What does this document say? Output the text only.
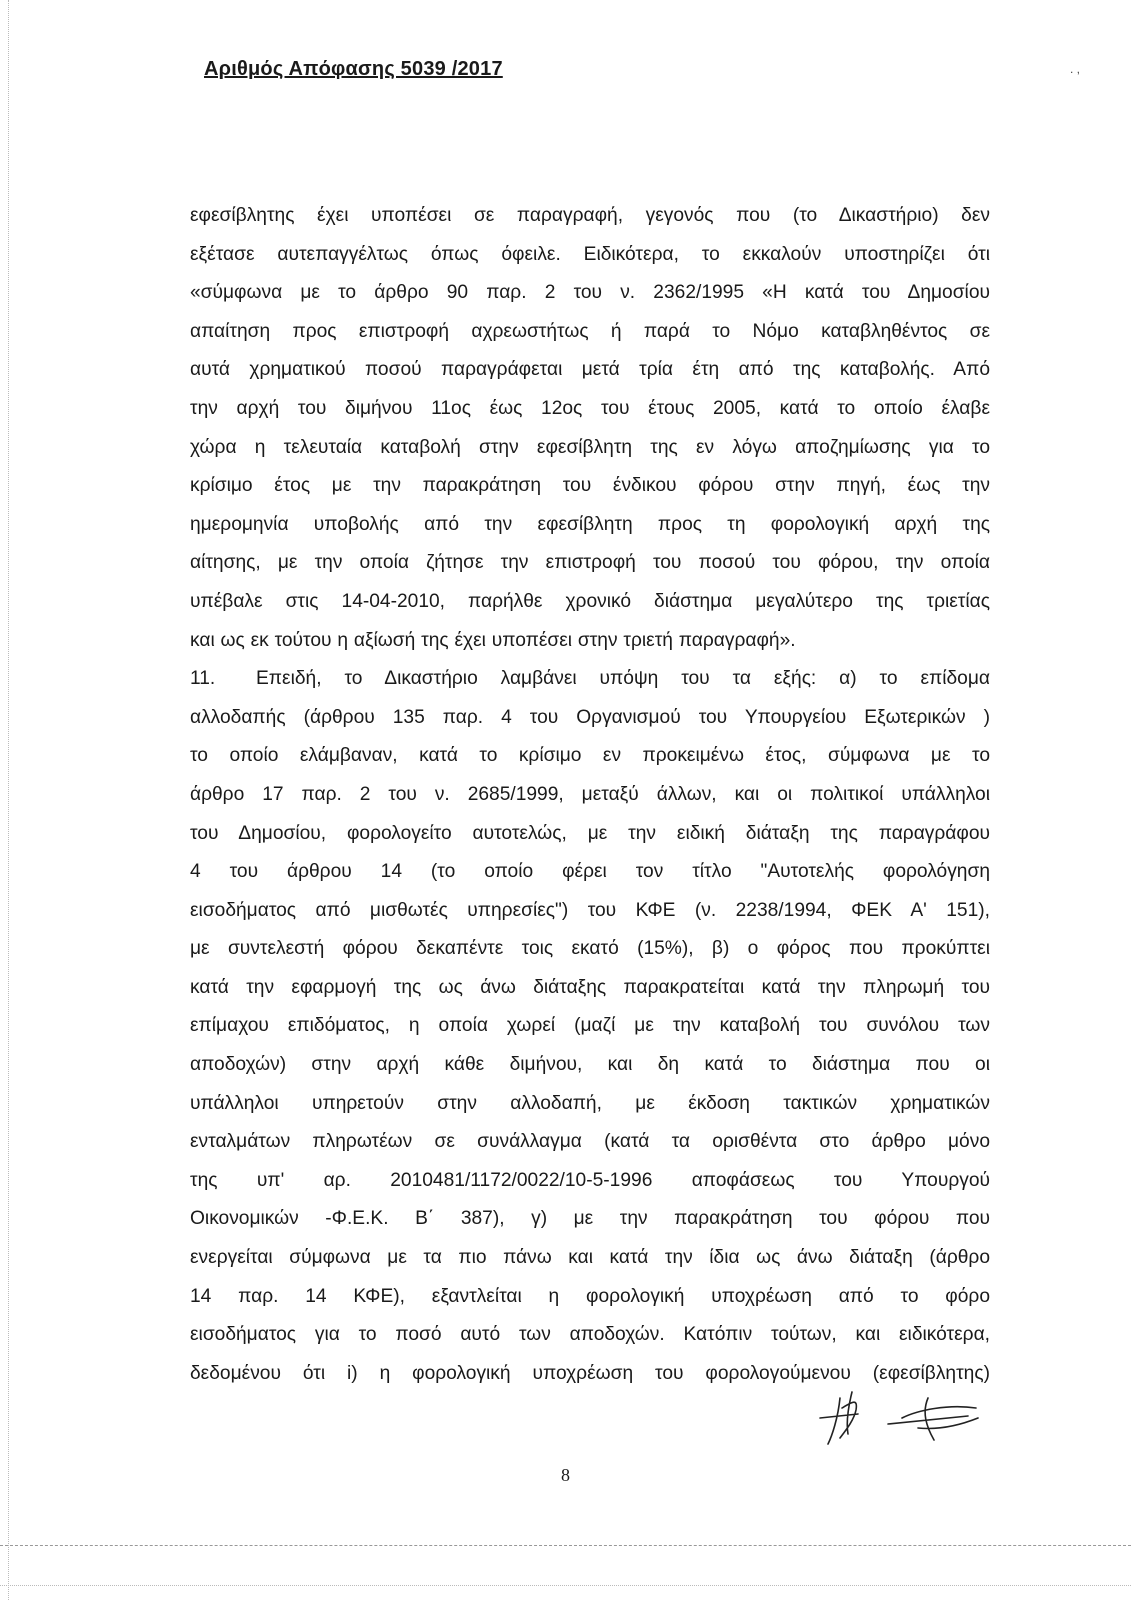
Αριθμός Απόφασης 5039 /2017	. ,
εφεσίβλητης έχει υποπέσει σε παραγραφή, γεγονός που (το Δικαστήριο) δεν
εξέτασε αυτεπαγγέλτως όπως όφειλε. Ειδικότερα, το εκκαλούν υποστηρίζει ότι
«σύμφωνα με το άρθρο 90 παρ. 2 του ν. 2362/1995 «Η κατά του Δημοσίου
απαίτηση προς επιστροφή αχρεωστήτως ή παρά το Νόμο καταβληθέντος σε
αυτά χρηματικού ποσού παραγράφεται μετά τρία έτη από της καταβολής. Από
την αρχή του διμήνου 11ος έως 12ος του έτους 2005, κατά το οποίο έλαβε
χώρα η τελευταία καταβολή στην εφεσίβλητη της εν λόγω αποζημίωσης για το
κρίσιμο έτος με την παρακράτηση του ένδικου φόρου στην πηγή, έως την
ημερομηνία υποβολής από την εφεσίβλητη προς τη φορολογική αρχή της
αίτησης, με την οποία ζήτησε την επιστροφή του ποσού του φόρου, την οποία
υπέβαλε στις 14-04-2010, παρήλθε χρονικό διάστημα μεγαλύτερο της τριετίας
και ως εκ τούτου η αξίωσή της έχει υποπέσει στην τριετή παραγραφή».
11. Επειδή, το Δικαστήριο λαμβάνει υπόψη του τα εξής: α) το επίδομα
αλλοδαπής (άρθρου 135 παρ. 4 του Οργανισμού του Υπουργείου Εξωτερικών )
το οποίο ελάμβαναν, κατά το κρίσιμο εν προκειμένω έτος, σύμφωνα με το
άρθρο 17 παρ. 2 του ν. 2685/1999, μεταξύ άλλων, και οι πολιτικοί υπάλληλοι
του Δημοσίου, φορολογείτο αυτοτελώς, με την ειδική διάταξη της παραγράφου
4 του άρθρου 14 (το οποίο φέρει τον τίτλο "Αυτοτελής φορολόγηση
εισοδήματος από μισθωτές υπηρεσίες") του ΚΦΕ (ν. 2238/1994, ΦΕΚ Α' 151),
με συντελεστή φόρου δεκαπέντε τοις εκατό (15%), β) ο φόρος που προκύπτει
κατά την εφαρμογή της ως άνω διάταξης παρακρατείται κατά την πληρωμή του
επίμαχου επιδόματος, η οποία χωρεί (μαζί με την καταβολή του συνόλου των
αποδοχών) στην αρχή κάθε διμήνου, και δη κατά το διάστημα που οι
υπάλληλοι υπηρετούν στην αλλοδαπή, με έκδοση τακτικών χρηματικών
ενταλμάτων πληρωτέων σε συνάλλαγμα (κατά τα ορισθέντα στο άρθρο μόνο
της υπ' αρ. 2010481/1172/0022/10-5-1996 αποφάσεως του Υπουργού
Οικονομικών -Φ.Ε.Κ. Β΄ 387), γ) με την παρακράτηση του φόρου που
ενεργείται σύμφωνα με τα πιο πάνω και κατά την ίδια ως άνω διάταξη (άρθρο
14 παρ. 14 ΚΦΕ), εξαντλείται η φορολογική υποχρέωση από το φόρο
εισοδήματος για το ποσό αυτό των αποδοχών. Κατόπιν τούτων, και ειδικότερα,
δεδομένου ότι i) η φορολογική υποχρέωση του φορολογούμενου (εφεσίβλητης)
8
